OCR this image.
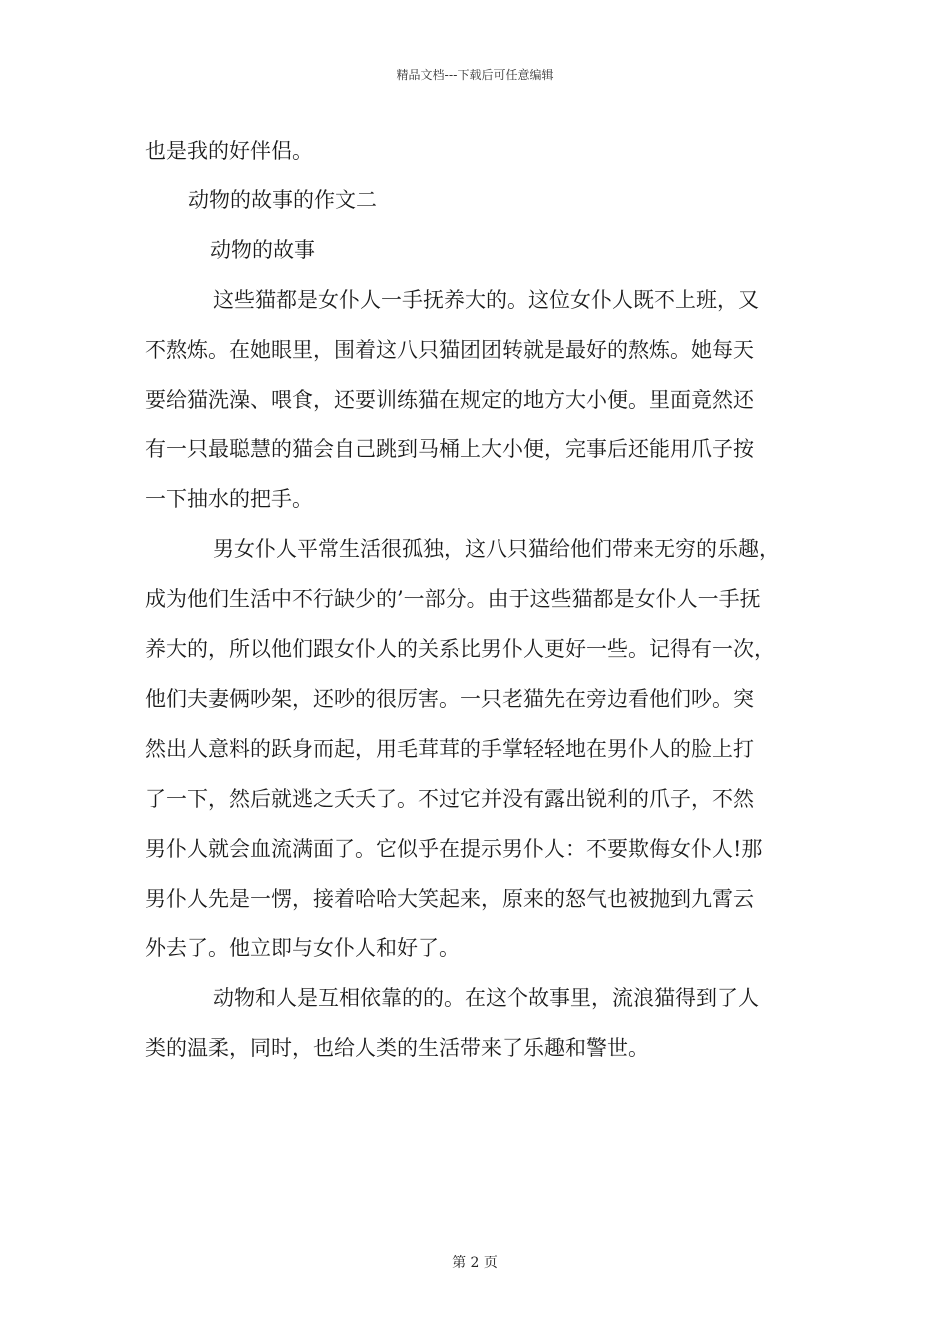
精品文档---下载后可任意编辑
也是我的好伴侣。
动物的故事的作文二
动物的故事
这些猫都是女仆人一手抚养大的。这位女仆人既不上班，又
不熬炼。在她眼里，围着这八只猫团团转就是最好的熬炼。她每天
要给猫洗澡、喂食，还要训练猫在规定的地方大小便。里面竟然还
有一只最聪慧的猫会自己跳到马桶上大小便，完事后还能用爪子按
一下抽水的把手。
男女仆人平常生活很孤独，这八只猫给他们带来无穷的乐趣，
成为他们生活中不行缺少的’一部分。由于这些猫都是女仆人一手抚
养大的，所以他们跟女仆人的关系比男仆人更好一些。记得有一次，
他们夫妻俩吵架，还吵的很厉害。一只老猫先在旁边看他们吵。突
然出人意料的跃身而起，用毛茸茸的手掌轻轻地在男仆人的脸上打
了一下，然后就逃之夭夭了。不过它并没有露出锐利的爪子，不然
男仆人就会血流满面了。它似乎在提示男仆人：不要欺侮女仆人!那
男仆人先是一愣，接着哈哈大笑起来，原来的怒气也被抛到九霄云
外去了。他立即与女仆人和好了。
动物和人是互相依靠的的。在这个故事里，流浪猫得到了人
类的温柔，同时，也给人类的生活带来了乐趣和警世。
第 2 页
